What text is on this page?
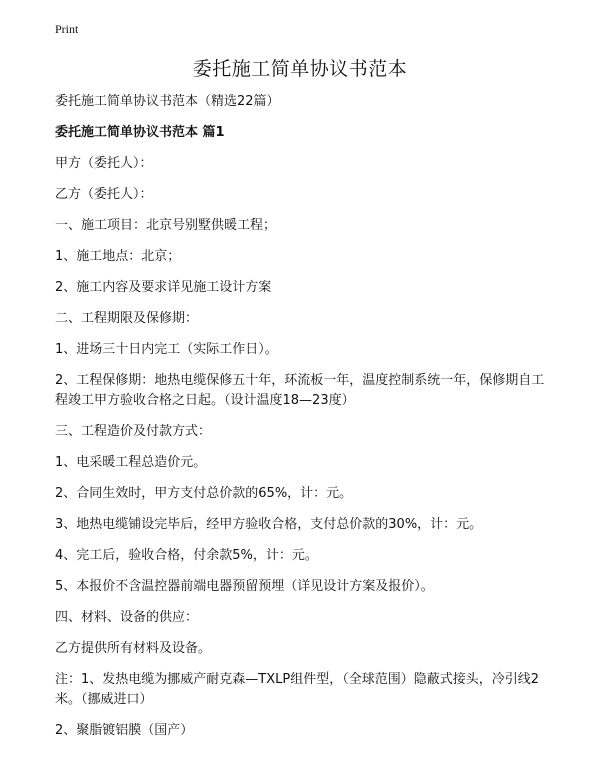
Print
委托施工简单协议书范本

委托施工简单协议书范本（精选22篇）

委托施工简单协议书范本 篇1

甲方（委托人）：

乙方（委托人）：

一、施工项目：北京号别墅供暖工程；

1、施工地点：北京；

2、施工内容及要求详见施工设计方案

二、工程期限及保修期：

1、进场三十日内完工（实际工作日）。

2、工程保修期：地热电缆保修五十年，环流板一年，温度控制系统一年，保修期自工程竣工甲方验收合格之日起。（设计温度18—23度）

三、工程造价及付款方式：

1、电采暖工程总造价元。

2、合同生效时，甲方支付总价款的65%，计：元。

3、地热电缆铺设完毕后，经甲方验收合格，支付总价款的30%，计：元。

4、完工后，验收合格，付余款5%，计：元。

5、本报价不含温控器前端电器预留预埋（详见设计方案及报价）。

四、材料、设备的供应：

乙方提供所有材料及设备。

注：1、发热电缆为挪威产耐克森—TXLP组件型，（全球范围）隐蔽式接头，冷引线2米。（挪威进口）

2、聚脂镀铝膜（国产）
